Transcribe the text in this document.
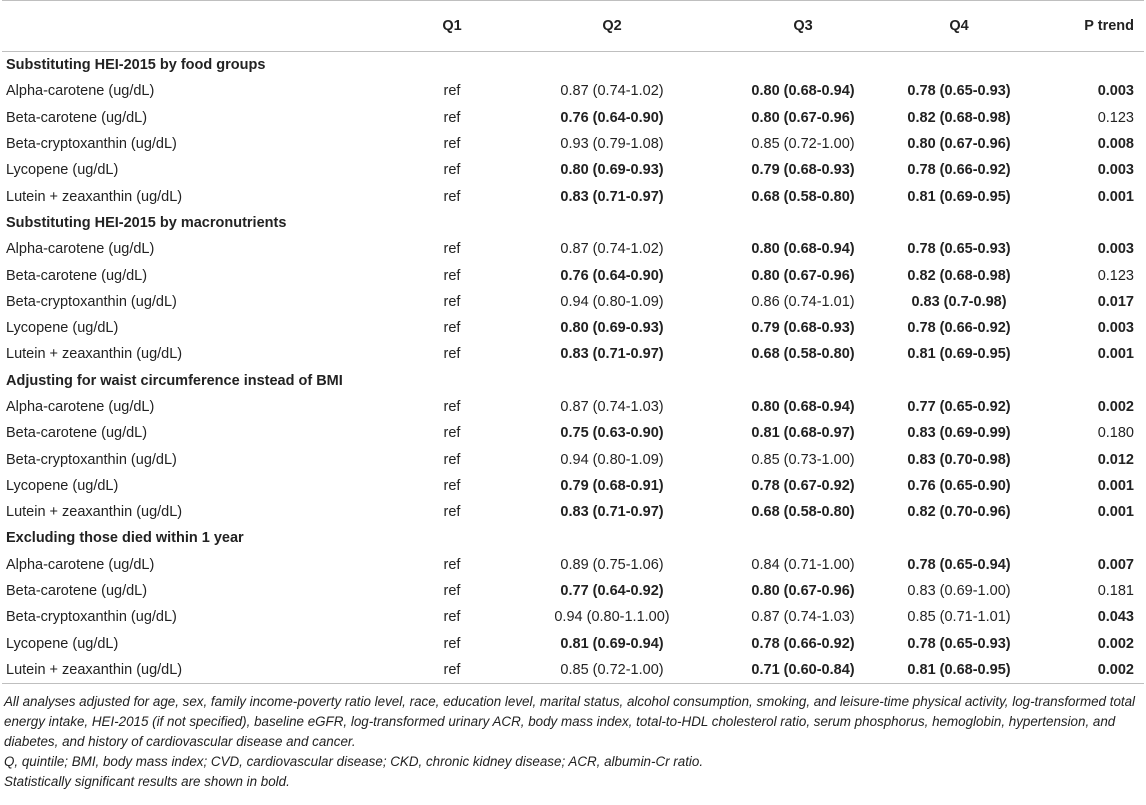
	Q1	Q2	Q3	Q4	P trend
Substituting HEI-2015 by food groups					
Alpha-carotene (ug/dL)	ref	0.87 (0.74-1.02)	0.80 (0.68-0.94)	0.78 (0.65-0.93)	0.003
Beta-carotene (ug/dL)	ref	0.76 (0.64-0.90)	0.80 (0.67-0.96)	0.82 (0.68-0.98)	0.123
Beta-cryptoxanthin (ug/dL)	ref	0.93 (0.79-1.08)	0.85 (0.72-1.00)	0.80 (0.67-0.96)	0.008
Lycopene (ug/dL)	ref	0.80 (0.69-0.93)	0.79 (0.68-0.93)	0.78 (0.66-0.92)	0.003
Lutein + zeaxanthin (ug/dL)	ref	0.83 (0.71-0.97)	0.68 (0.58-0.80)	0.81 (0.69-0.95)	0.001
Substituting HEI-2015 by macronutrients					
Alpha-carotene (ug/dL)	ref	0.87 (0.74-1.02)	0.80 (0.68-0.94)	0.78 (0.65-0.93)	0.003
Beta-carotene (ug/dL)	ref	0.76 (0.64-0.90)	0.80 (0.67-0.96)	0.82 (0.68-0.98)	0.123
Beta-cryptoxanthin (ug/dL)	ref	0.94 (0.80-1.09)	0.86 (0.74-1.01)	0.83 (0.7-0.98)	0.017
Lycopene (ug/dL)	ref	0.80 (0.69-0.93)	0.79 (0.68-0.93)	0.78 (0.66-0.92)	0.003
Lutein + zeaxanthin (ug/dL)	ref	0.83 (0.71-0.97)	0.68 (0.58-0.80)	0.81 (0.69-0.95)	0.001
Adjusting for waist circumference instead of BMI					
Alpha-carotene (ug/dL)	ref	0.87 (0.74-1.03)	0.80 (0.68-0.94)	0.77 (0.65-0.92)	0.002
Beta-carotene (ug/dL)	ref	0.75 (0.63-0.90)	0.81 (0.68-0.97)	0.83 (0.69-0.99)	0.180
Beta-cryptoxanthin (ug/dL)	ref	0.94 (0.80-1.09)	0.85 (0.73-1.00)	0.83 (0.70-0.98)	0.012
Lycopene (ug/dL)	ref	0.79 (0.68-0.91)	0.78 (0.67-0.92)	0.76 (0.65-0.90)	0.001
Lutein + zeaxanthin (ug/dL)	ref	0.83 (0.71-0.97)	0.68 (0.58-0.80)	0.82 (0.70-0.96)	0.001
Excluding those died within 1 year					
Alpha-carotene (ug/dL)	ref	0.89 (0.75-1.06)	0.84 (0.71-1.00)	0.78 (0.65-0.94)	0.007
Beta-carotene (ug/dL)	ref	0.77 (0.64-0.92)	0.80 (0.67-0.96)	0.83 (0.69-1.00)	0.181
Beta-cryptoxanthin (ug/dL)	ref	0.94 (0.80-1.1.00)	0.87 (0.74-1.03)	0.85 (0.71-1.01)	0.043
Lycopene (ug/dL)	ref	0.81 (0.69-0.94)	0.78 (0.66-0.92)	0.78 (0.65-0.93)	0.002
Lutein + zeaxanthin (ug/dL)	ref	0.85 (0.72-1.00)	0.71 (0.60-0.84)	0.81 (0.68-0.95)	0.002

All analyses adjusted for age, sex, family income-poverty ratio level, race, education level, marital status, alcohol consumption, smoking, and leisure-time physical activity, log-transformed total energy intake, HEI-2015 (if not specified), baseline eGFR, log-transformed urinary ACR, body mass index, total-to-HDL cholesterol ratio, serum phosphorus, hemoglobin, hypertension, and diabetes, and history of cardiovascular disease and cancer.

Q, quintile; BMI, body mass index; CVD, cardiovascular disease; CKD, chronic kidney disease; ACR, albumin-Cr ratio.

Statistically significant results are shown in bold.
